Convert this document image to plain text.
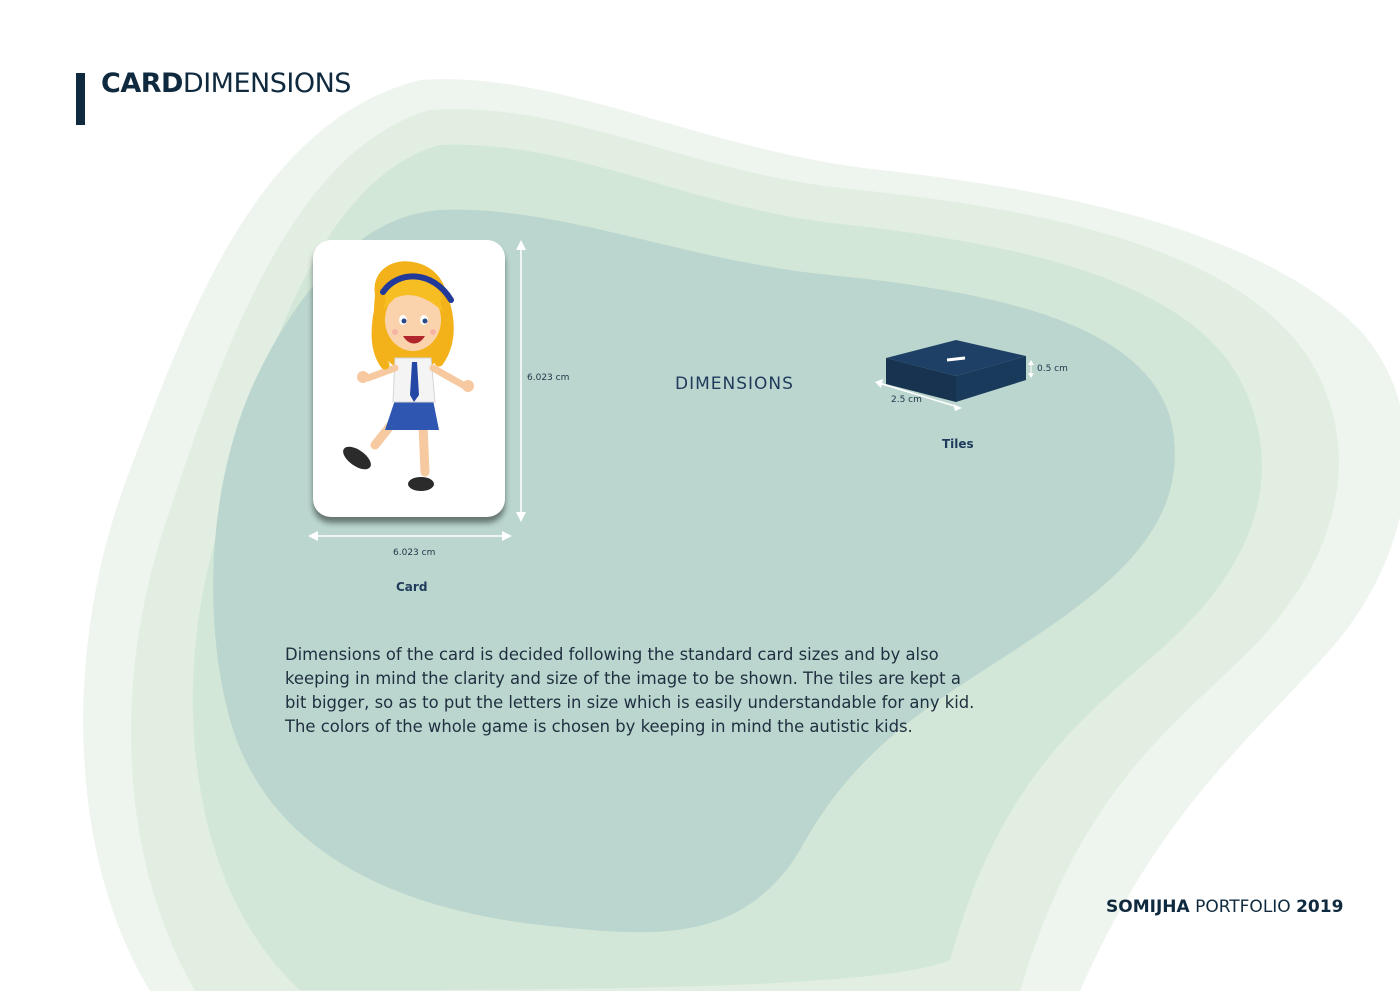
CARDDIMENSIONS
6.023 cm
6.023 cm
Card
DIMENSIONS
0.5 cm
2.5 cm
Tiles
Dimensions of the card is decided following the standard card sizes and by also keeping in mind the clarity and size of the image to be shown. The tiles are kept a bit bigger, so as to put the letters in size which is easily understandable for any kid. The colors of the whole game is chosen by keeping in mind the autistic kids.
SOMIJHA PORTFOLIO 2019
